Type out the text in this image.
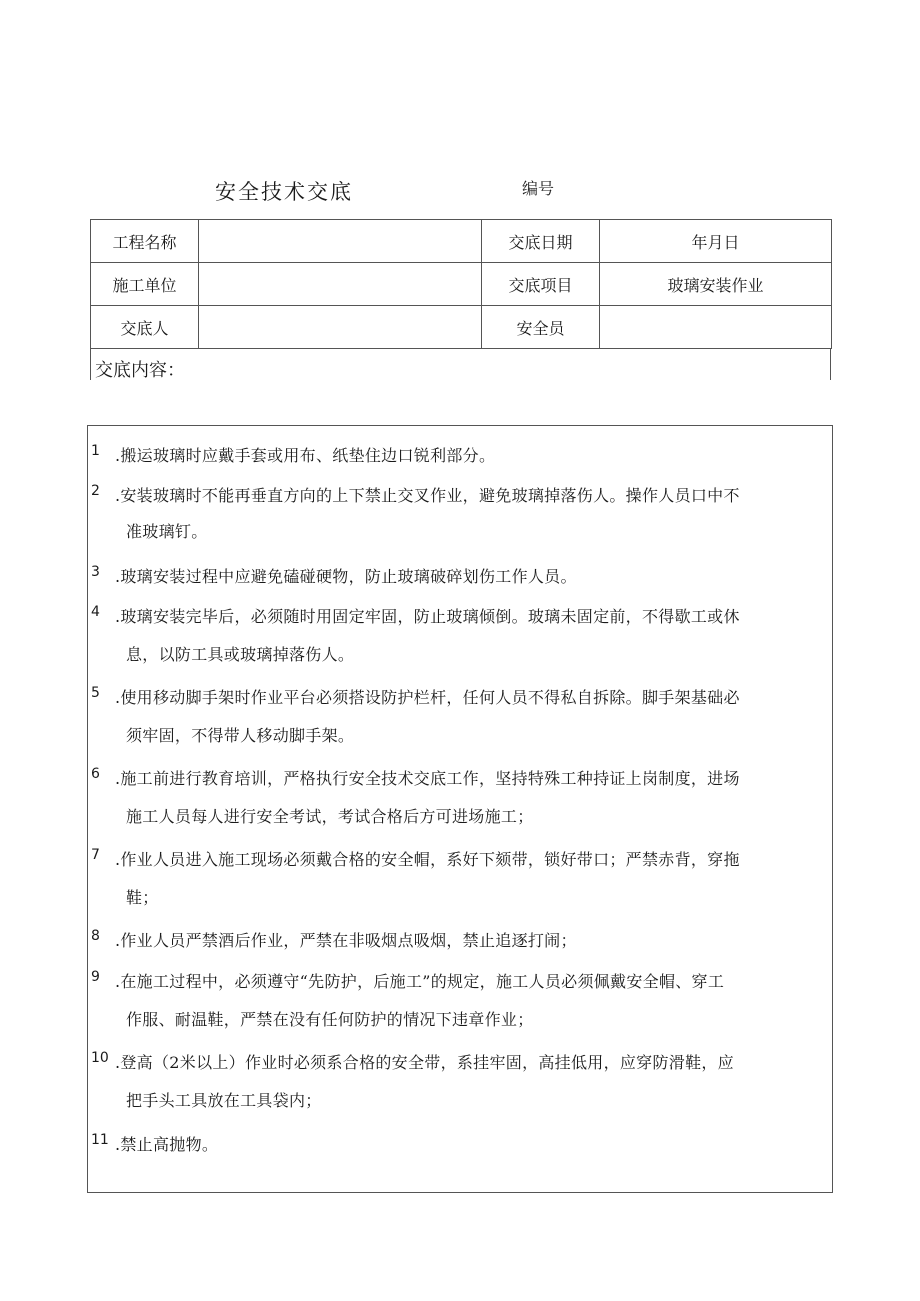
安全技术交底	编号
工程名称		交底日期	年月日
施工单位		交底项目	玻璃安装作业
交底人		安全员	
交底内容：
1 .搬运玻璃时应戴手套或用布、纸垫住边口锐利部分。
2 .安装玻璃时不能再垂直方向的上下禁止交叉作业，避免玻璃掉落伤人。操作人员口中不
准玻璃钉。
3 .玻璃安装过程中应避免磕碰硬物，防止玻璃破碎划伤工作人员。
4 .玻璃安装完毕后，必须随时用固定牢固，防止玻璃倾倒。玻璃未固定前，不得歇工或休
息，以防工具或玻璃掉落伤人。
5 .使用移动脚手架时作业平台必须搭设防护栏杆，任何人员不得私自拆除。脚手架基础必
须牢固，不得带人移动脚手架。
6 .施工前进行教育培训，严格执行安全技术交底工作，坚持特殊工种持证上岗制度，进场
施工人员每人进行安全考试，考试合格后方可进场施工；
7 .作业人员进入施工现场必须戴合格的安全帽，系好下颏带，锁好带口；严禁赤背，穿拖
鞋；
8 .作业人员严禁酒后作业，严禁在非吸烟点吸烟，禁止追逐打闹；
9 .在施工过程中，必须遵守“先防护，后施工”的规定，施工人员必须佩戴安全帽、穿工
作服、耐温鞋，严禁在没有任何防护的情况下违章作业；
10 .登高（2米以上）作业时必须系合格的安全带，系挂牢固，高挂低用，应穿防滑鞋，应
把手头工具放在工具袋内；
11 .禁止高抛物。
